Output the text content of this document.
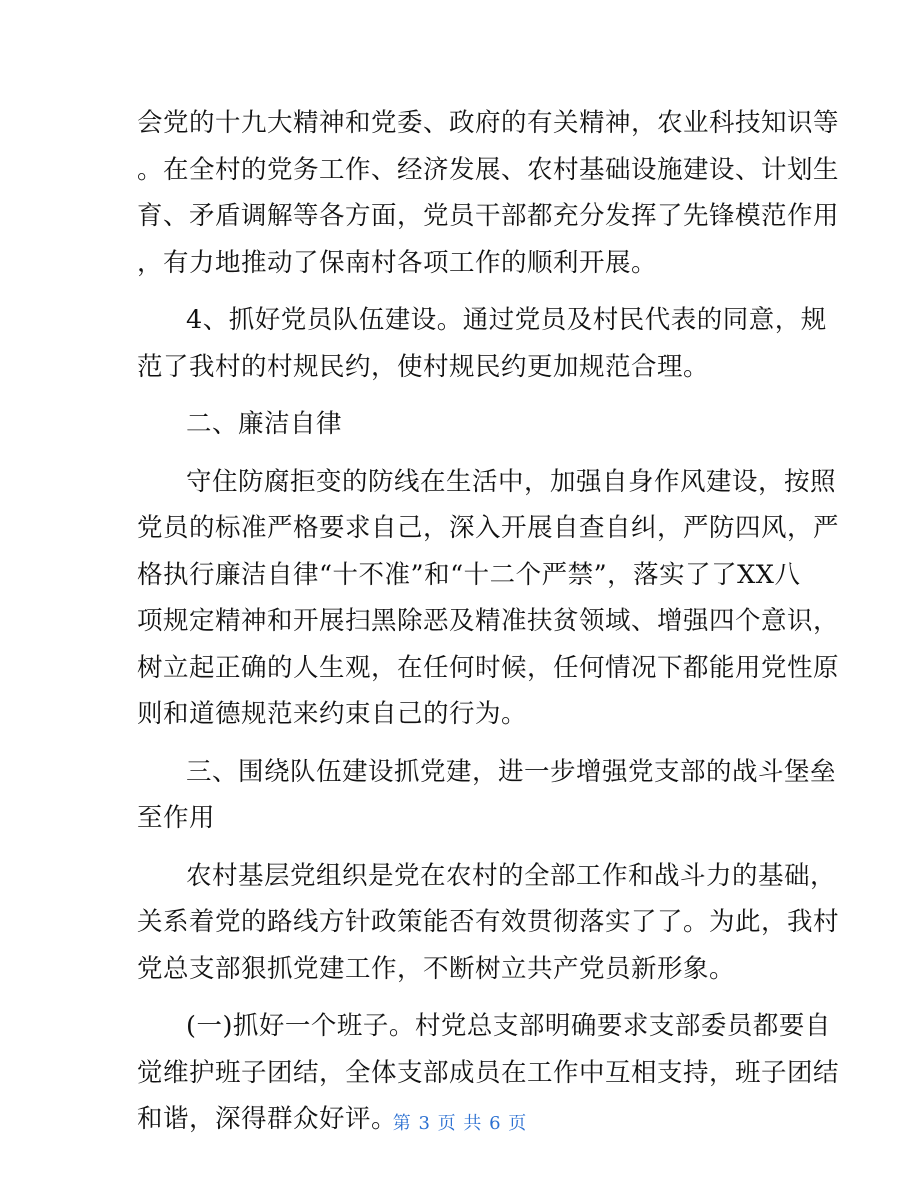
会党的十九大精神和党委、政府的有关精神，农业科技知识等
。在全村的党务工作、经济发展、农村基础设施建设、计划生
育、矛盾调解等各方面，党员干部都充分发挥了先锋模范作用
，有力地推动了保南村各项工作的顺利开展。
4、抓好党员队伍建设。通过党员及村民代表的同意，规
范了我村的村规民约，使村规民约更加规范合理。
二、廉洁自律
守住防腐拒变的防线在生活中，加强自身作风建设，按照
党员的标准严格要求自己，深入开展自查自纠，严防四风，严
格执行廉洁自律“十不准”和“十二个严禁”，落实了了XX八
项规定精神和开展扫黑除恶及精准扶贫领域、增强四个意识，
树立起正确的人生观，在任何时候，任何情况下都能用党性原
则和道德规范来约束自己的行为。
三、围绕队伍建设抓党建，进一步增强党支部的战斗堡垒
至作用
农村基层党组织是党在农村的全部工作和战斗力的基础，
关系着党的路线方针政策能否有效贯彻落实了了。为此，我村
党总支部狠抓党建工作，不断树立共产党员新形象。
(一)抓好一个班子。村党总支部明确要求支部委员都要自
觉维护班子团结，全体支部成员在工作中互相支持，班子团结
和谐，深得群众好评。
第 3 页 共 6 页
